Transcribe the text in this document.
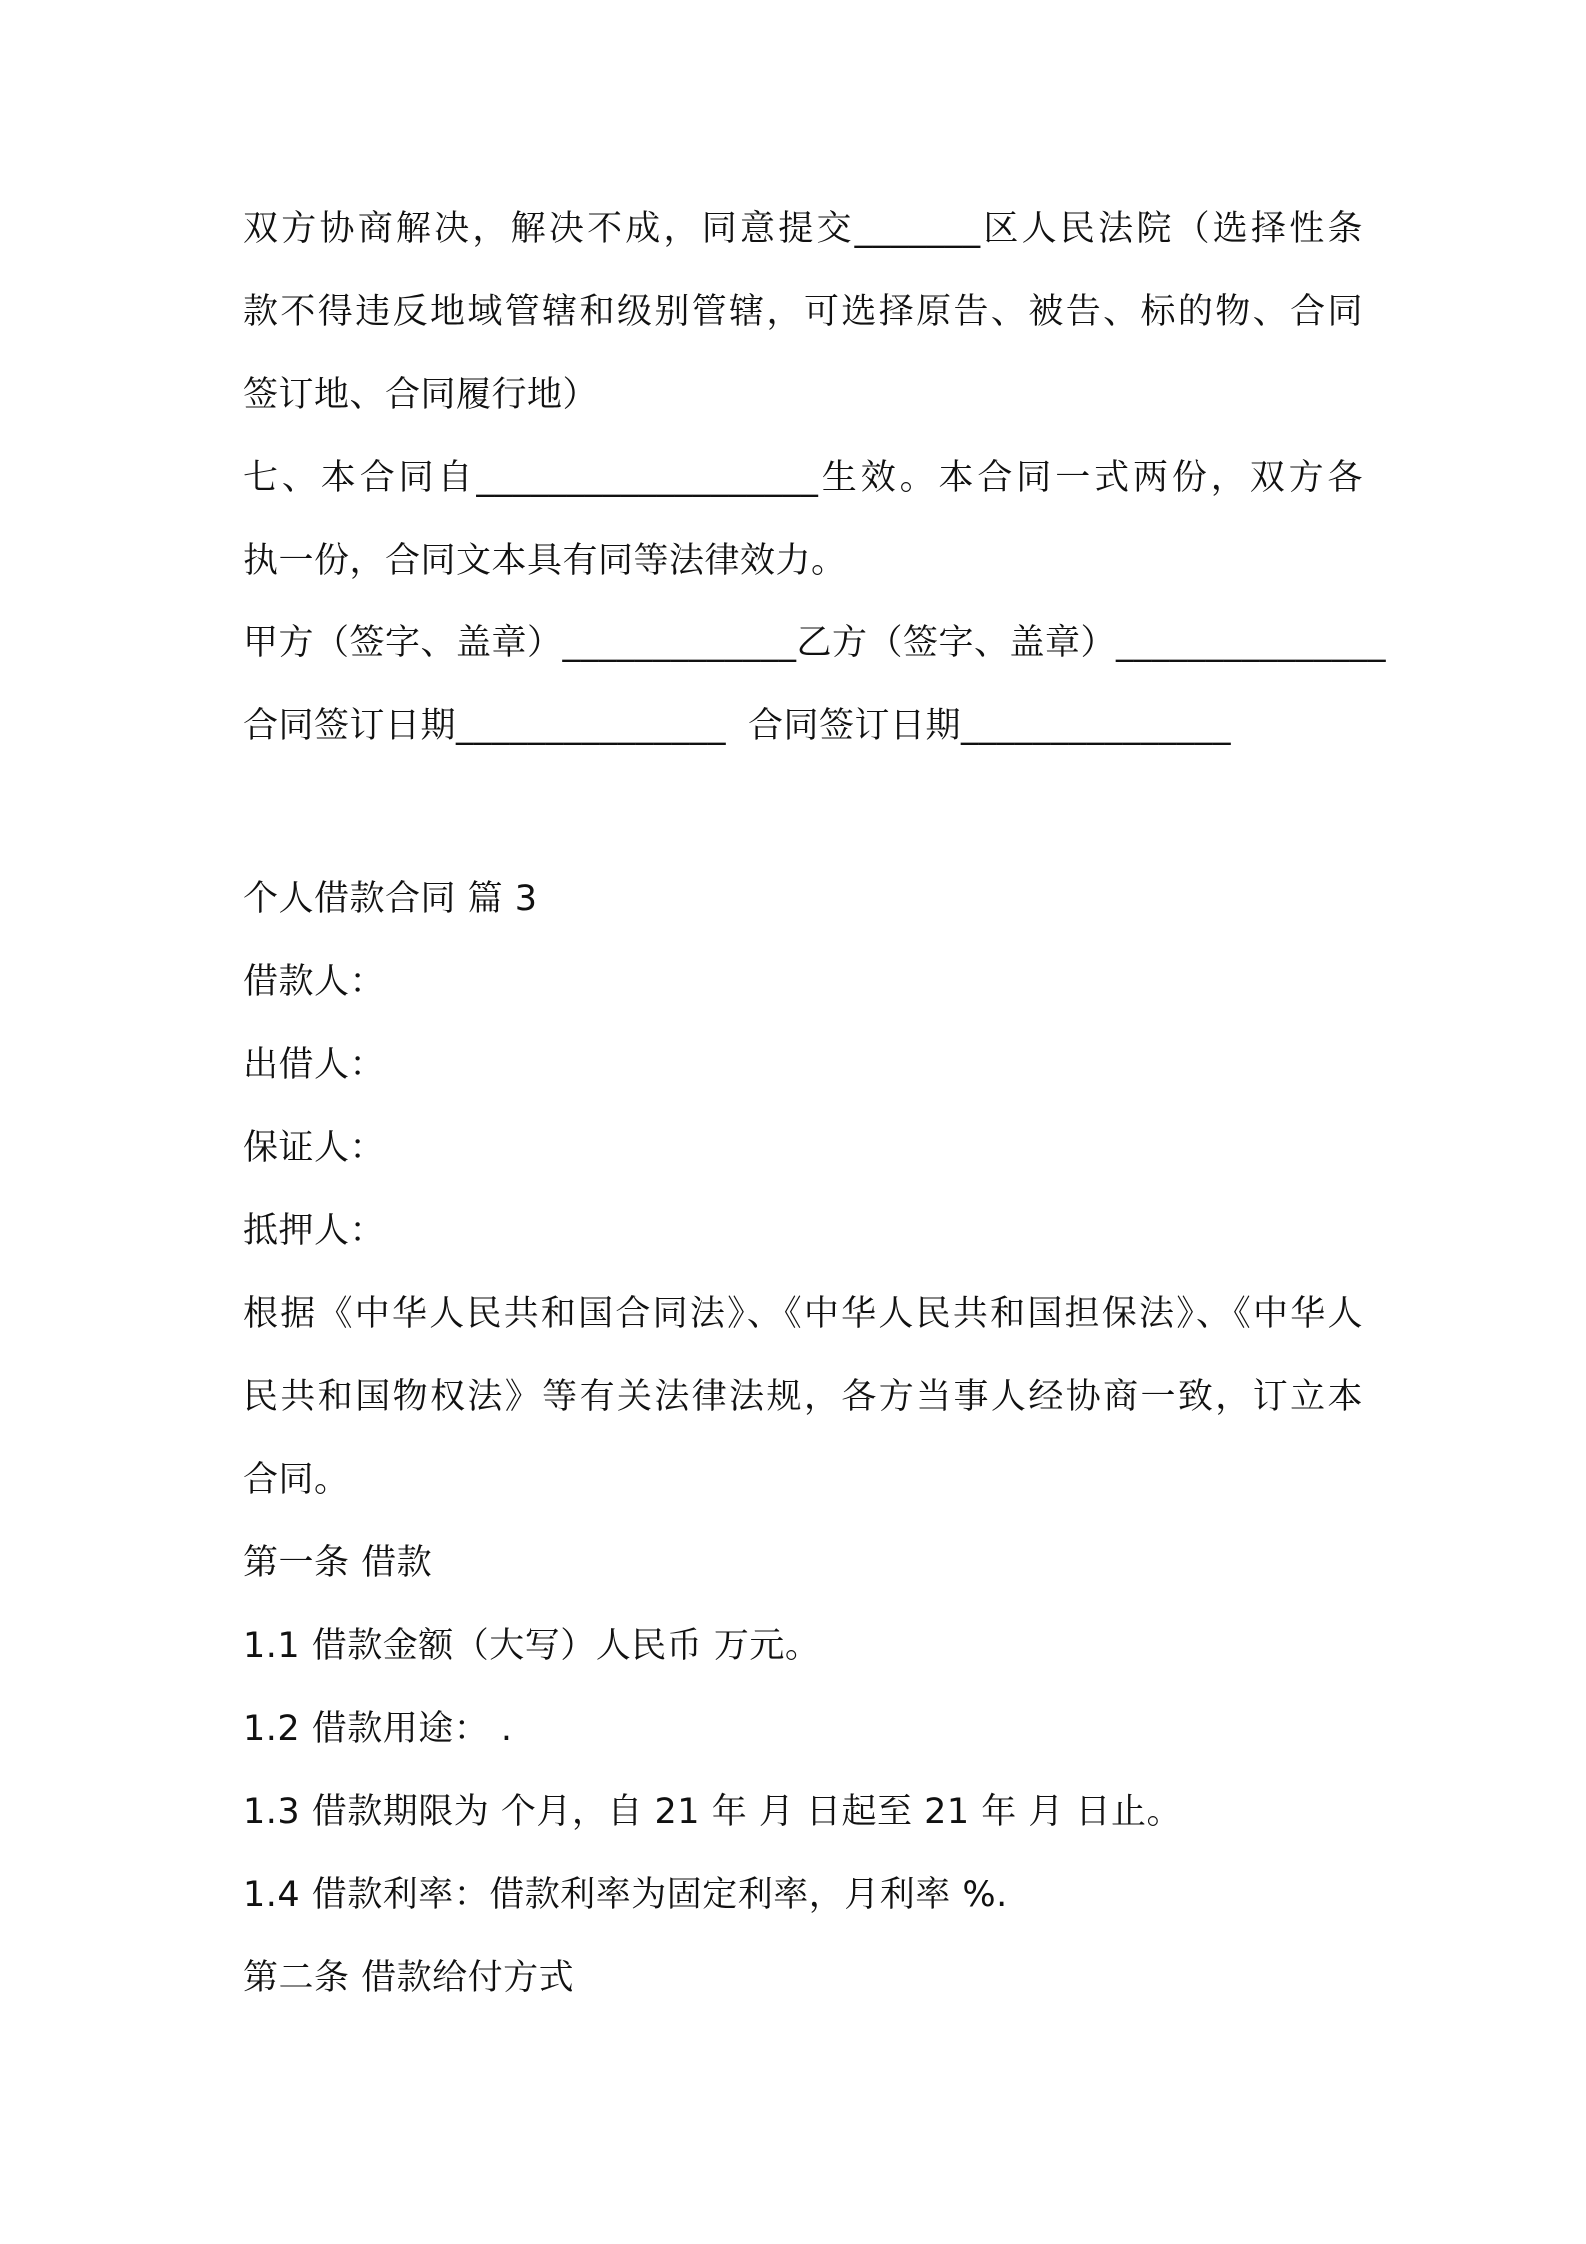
双方协商解决，解决不成，同意提交_______区人民法院（选择性条
款不得违反地域管辖和级别管辖，可选择原告、被告、标的物、合同
签订地、合同履行地）
七、本合同自___________________生效。本合同一式两份，双方各
执一份，合同文本具有同等法律效力。
甲方（签字、盖章）_____________ 乙方（签字、盖章）_______________
合同签订日期_______________ 合同签订日期_______________
个人借款合同 篇 3
借款人：
出借人：
保证人：
抵押人：
根据《中华人民共和国合同法》、《中华人民共和国担保法》、《中华人
民共和国物权法》等有关法律法规，各方当事人经协商一致，订立本
合同。
第一条 借款
1.1 借款金额（大写）人民币 万元。
1.2 借款用途： .
1.3 借款期限为 个月，自 21 年 月 日起至 21 年 月 日止。
1.4 借款利率：借款利率为固定利率，月利率 %.
第二条 借款给付方式
